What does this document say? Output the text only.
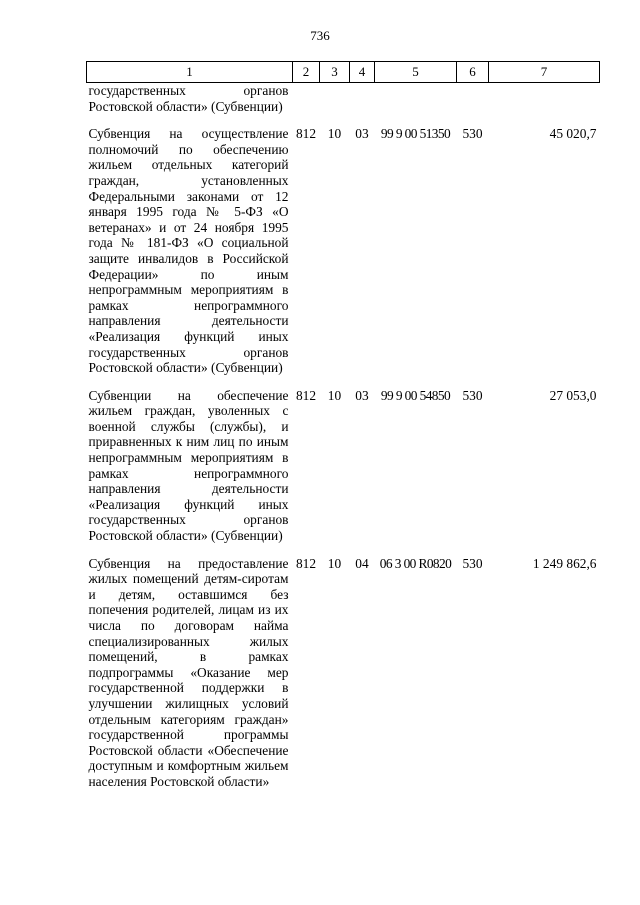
736
1	2	3	4	5	6	7
государственных органов Ростовской области» (Субвенции)						

Субвенция на осуществление полномочий по обеспечению жильем отдельных категорий граждан, установленных Федеральными законами от 12 января 1995 года № 5-ФЗ «О ветеранах» и от 24 ноября 1995 года № 181-ФЗ «О социальной защите инвалидов в Российской Федерации» по иным непрограммным мероприятиям в рамках непрограммного направления деятельности «Реализация функций иных государственных органов Ростовской области» (Субвенции)	812	10	03	99 9 00 51350	530	45 020,7

Субвенции на обеспечение жильем граждан, уволенных с военной службы (службы), и приравненных к ним лиц по иным непрограммным мероприятиям в рамках непрограммного направления деятельности «Реализация функций иных государственных органов Ростовской области» (Субвенции)	812	10	03	99 9 00 54850	530	27 053,0

Субвенция на предоставление жилых помещений детям-сиротам и детям, оставшимся без попечения родителей, лицам из их числа по договорам найма специализированных жилых помещений, в рамках подпрограммы «Оказание мер государственной поддержки в улучшении жилищных условий отдельным категориям граждан» государственной программы Ростовской области «Обеспечение доступным и комфортным жильем населения Ростовской области»	812	10	04	06 3 00 R0820	530	1 249 862,6
